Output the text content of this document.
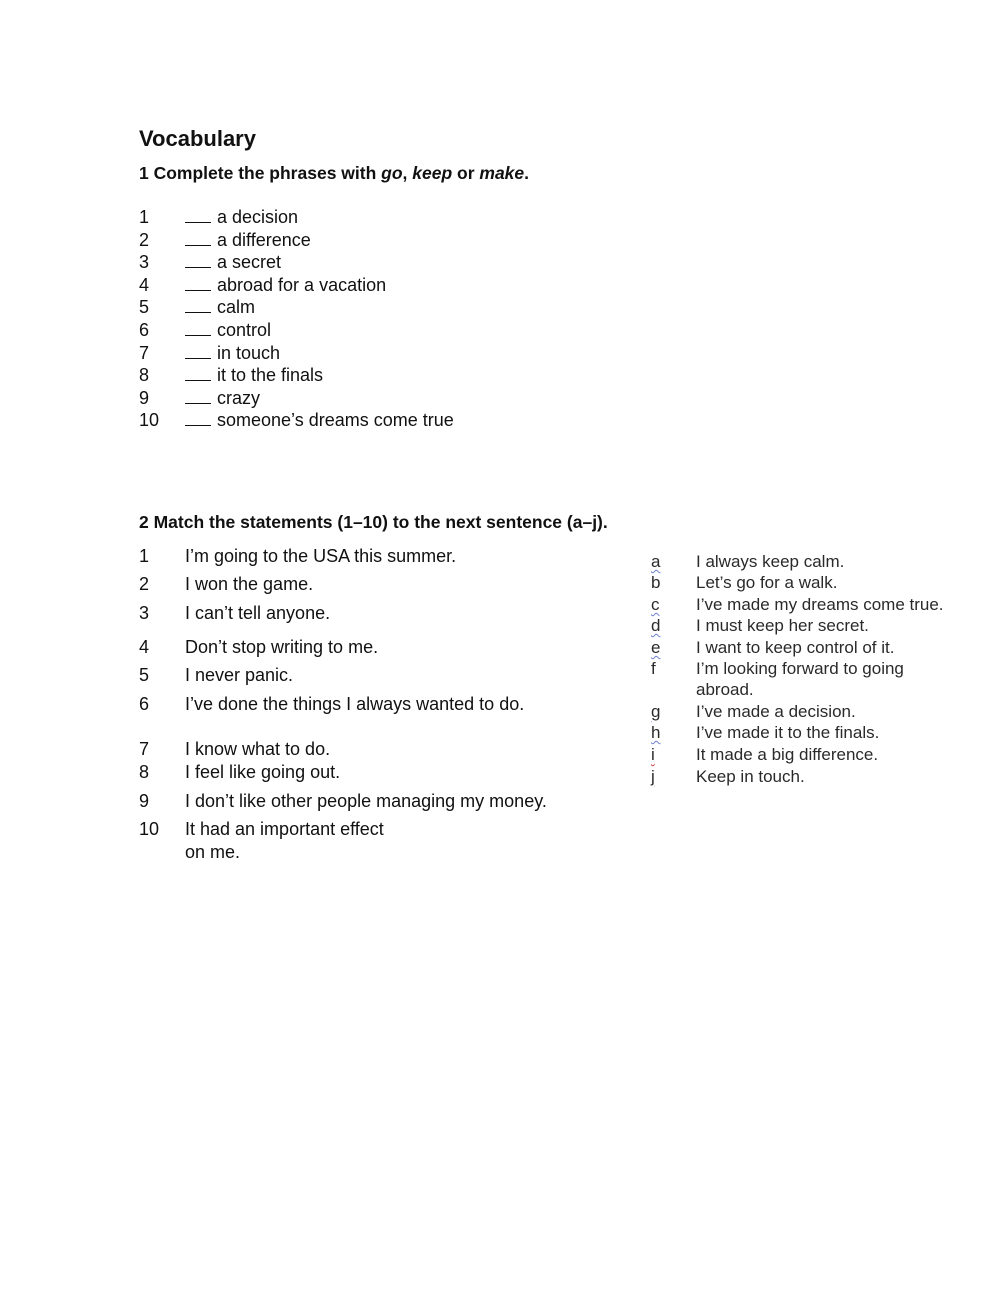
Vocabulary

1 Complete the phrases with go, keep or make.

1	a decision
2	a difference
3	a secret
4	abroad for a vacation
5	calm
6	control
7	in touch
8	it to the finals
9	crazy
10	someone’s dreams come true

2 Match the statements (1–10) to the next sentence (a–j).

1 I’m going to the USA this summer.
2 I won the game.
3 I can’t tell anyone.
4 Don’t stop writing to me.
5 I never panic.
6 I’ve done the things I always wanted to do.
7 I know what to do.
8 I feel like going out.
9 I don’t like other people managing my money.
10 It had an important effect
on me.
a I always keep calm.
b Let’s go for a walk.
c I’ve made my dreams come true.
d I must keep her secret.
e I want to keep control of it.
f I’m looking forward to going
abroad.
g I’ve made a decision.
h I’ve made it to the finals.
i It made a big difference.
j Keep in touch.
